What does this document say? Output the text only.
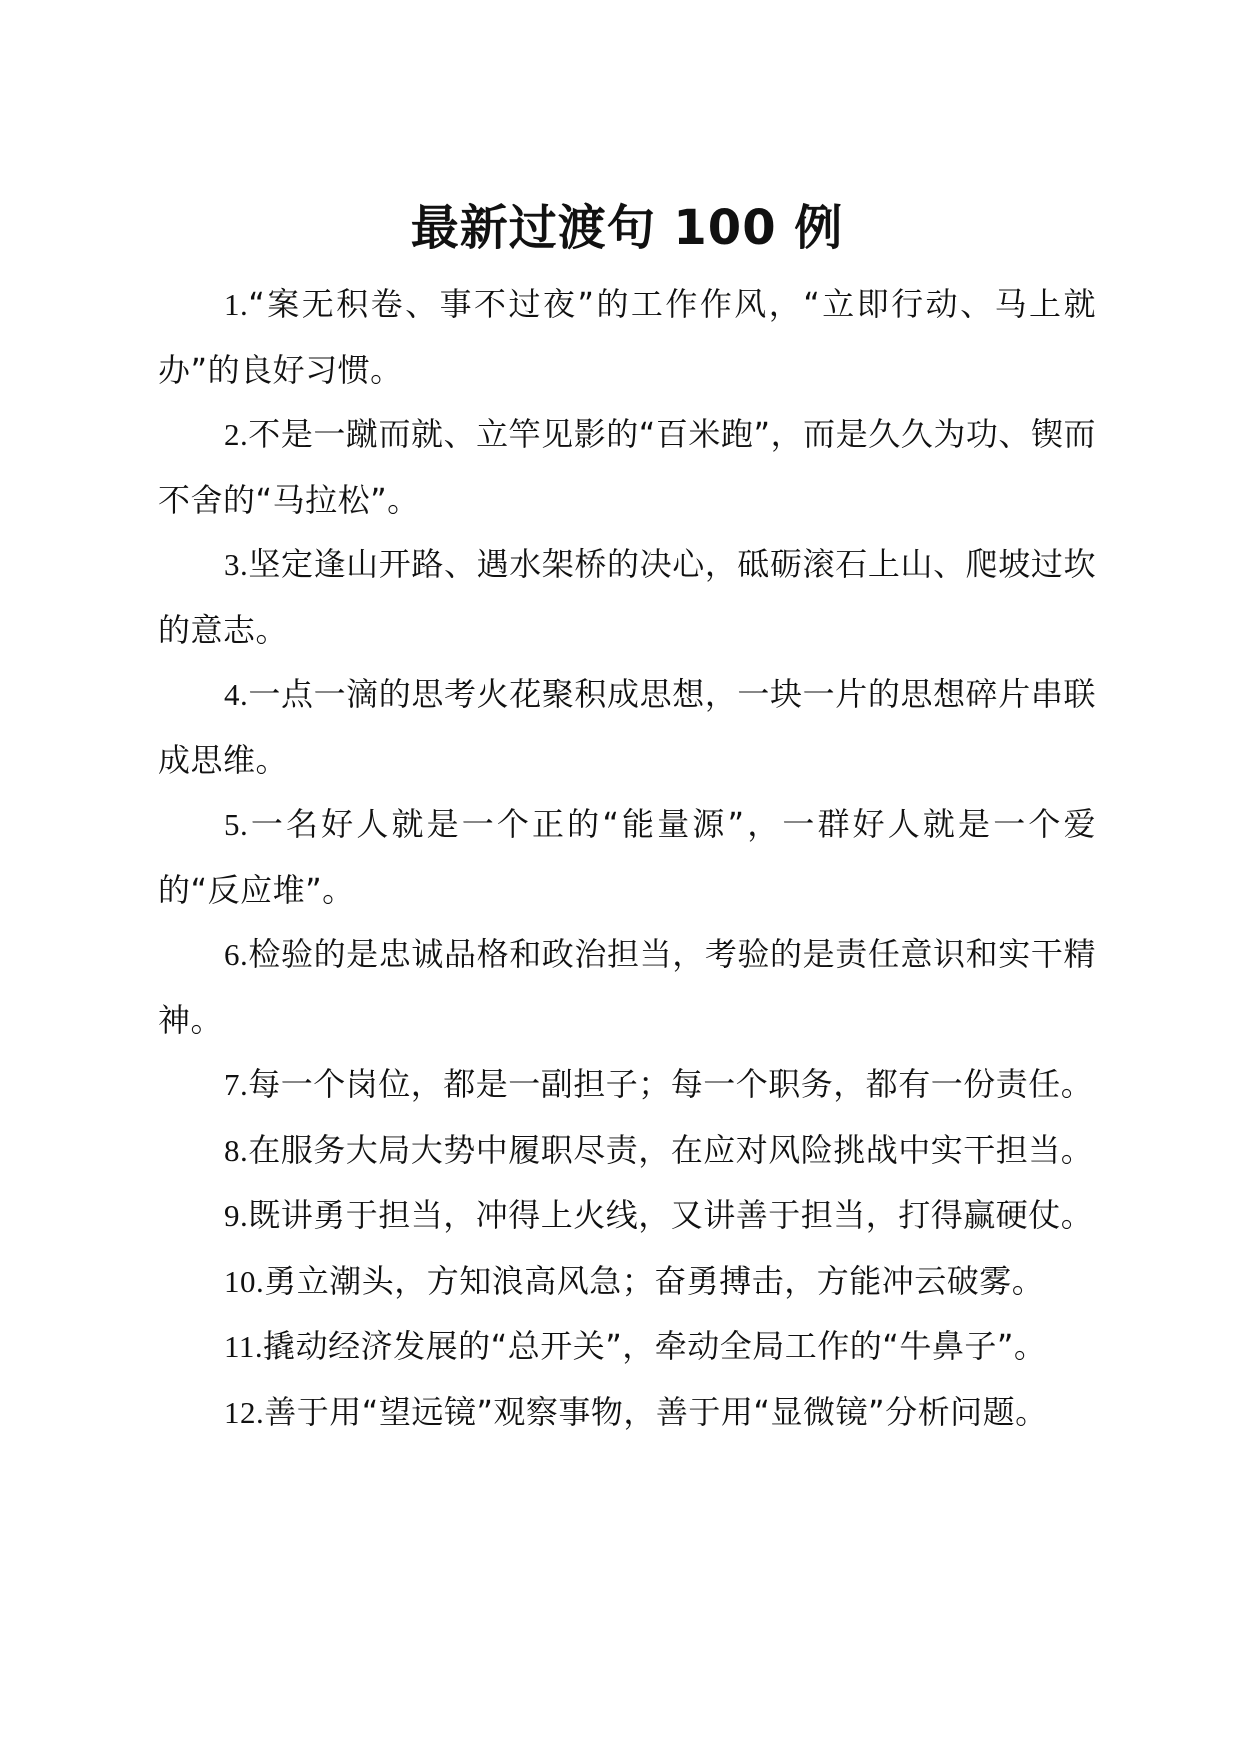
最新过渡句 100 例
1.“案无积卷、事不过夜”的工作作风，“立即行动、马上就办”的良好习惯。
2.不是一蹴而就、立竿见影的“百米跑”，而是久久为功、锲而不舍的“马拉松”。
3.坚定逢山开路、遇水架桥的决心，砥砺滚石上山、爬坡过坎的意志。
4.一点一滴的思考火花聚积成思想，一块一片的思想碎片串联成思维。
5.一名好人就是一个正的“能量源”，一群好人就是一个爱的“反应堆”。
6.检验的是忠诚品格和政治担当，考验的是责任意识和实干精神。
7.每一个岗位，都是一副担子；每一个职务，都有一份责任。
8.在服务大局大势中履职尽责，在应对风险挑战中实干担当。
9.既讲勇于担当，冲得上火线，又讲善于担当，打得赢硬仗。
10.勇立潮头，方知浪高风急；奋勇搏击，方能冲云破雾。
11.撬动经济发展的“总开关”，牵动全局工作的“牛鼻子”。
12.善于用“望远镜”观察事物，善于用“显微镜”分析问题。
